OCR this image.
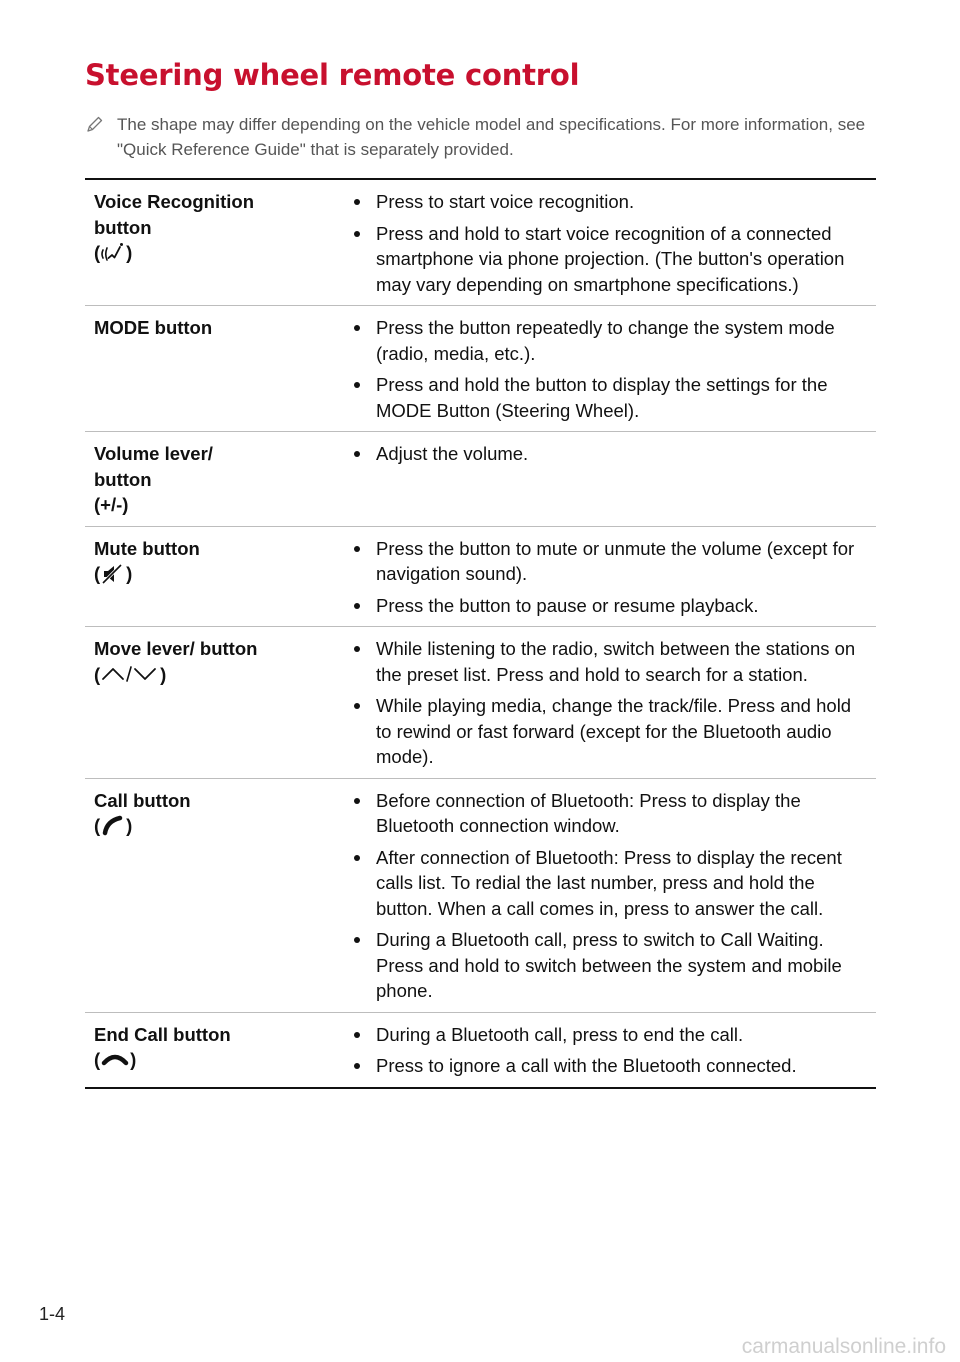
Steering wheel remote control
The shape may differ depending on the vehicle model and specifications. For more information, see "Quick Reference Guide" that is separately provided.
Voice Recognition button
( )
Press to start voice recognition.
Press and hold to start voice recognition of a connected smartphone via phone projection. (The button's operation may vary depending on smartphone specifications.)
MODE button	Press the button repeatedly to change the system mode (radio, media, etc.).
Press and hold the button to display the settings for the MODE Button (Steering Wheel).
Volume lever/ button
(+/-)
Adjust the volume.
Mute button
( )
Press the button to mute or unmute the volume (except for navigation sound).
Press the button to pause or resume playback.
Move lever/ button
(	)
While listening to the radio, switch between the stations on the preset list. Press and hold to search for a station.
While playing media, change the track/file. Press and hold to rewind or fast forward (except for the Bluetooth audio mode).
Call button
( )
Before connection of Bluetooth: Press to display the Bluetooth connection window.
After connection of Bluetooth: Press to display the recent calls list. To redial the last number, press and hold the button. When a call comes in, press to answer the call.
During a Bluetooth call, press to switch to Call Waiting. Press and hold to switch between the system and mobile phone.
End Call button
( )
During a Bluetooth call, press to end the call.
Press to ignore a call with the Bluetooth connected.
1-4
carmanualsonline.info
